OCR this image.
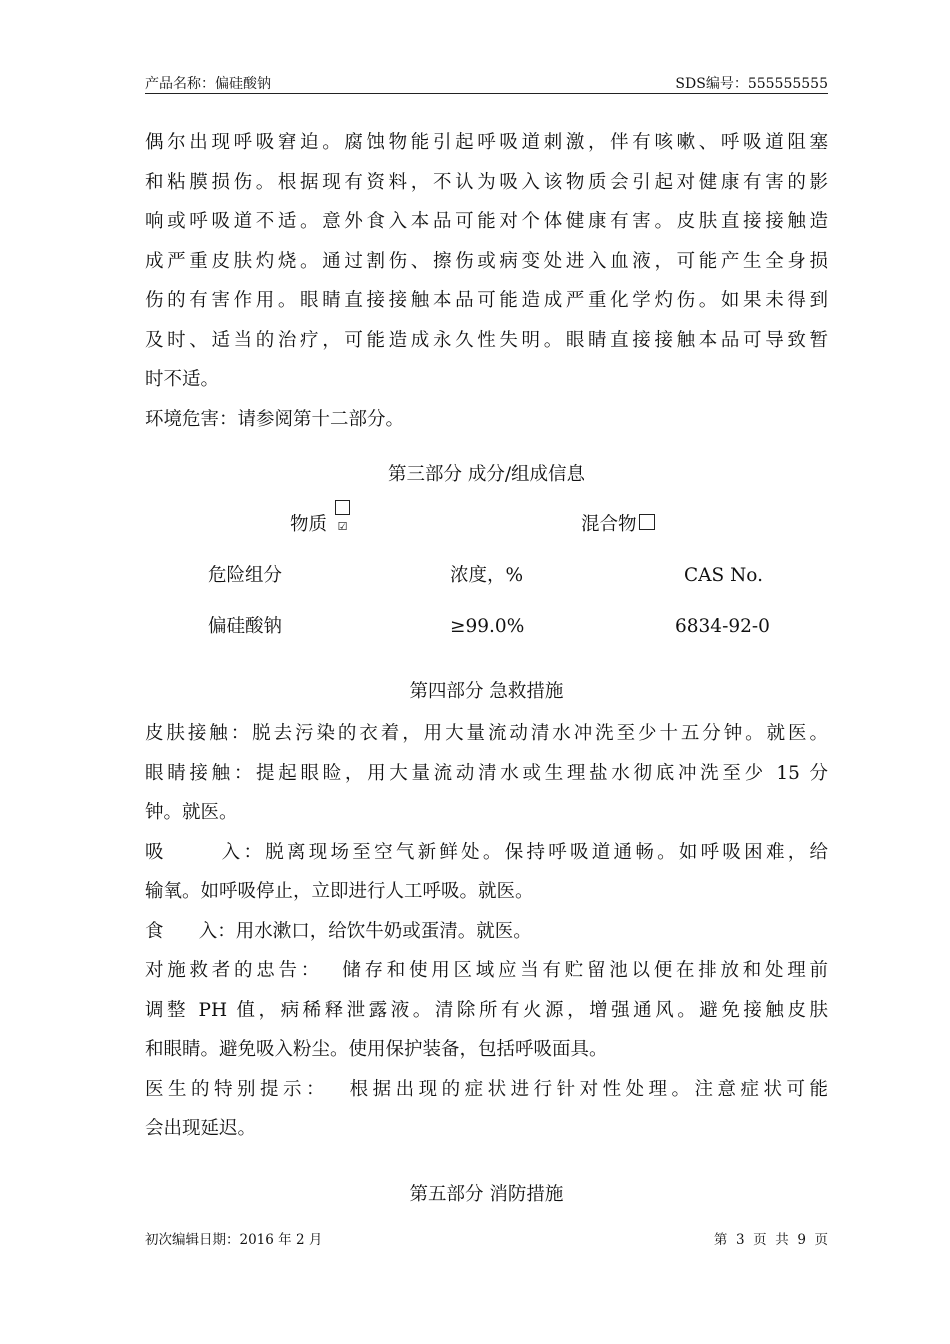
产品名称：偏硅酸钠	SDS编号：555555555
偶尔出现呼吸窘迫。腐蚀物能引起呼吸道刺激，伴有咳嗽、呼吸道阻塞
和粘膜损伤。根据现有资料，不认为吸入该物质会引起对健康有害的影
响或呼吸道不适。意外食入本品可能对个体健康有害。皮肤直接接触造
成严重皮肤灼烧。通过割伤、擦伤或病变处进入血液，可能产生全身损
伤的有害作用。眼睛直接接触本品可能造成严重化学灼伤。如果未得到
及时、适当的治疗，可能造成永久性失明。眼睛直接接触本品可导致暂
时不适。
环境危害：请参阅第十二部分。
第三部分 成分/组成信息
物质 ☑	混合物
危险组分	浓度，%	CAS No.
偏硅酸钠	≥99.0%	6834-92-0
第四部分 急救措施
皮肤接触：脱去污染的衣着，用大量流动清水冲洗至少十五分钟。就医。
眼睛接触：提起眼睑，用大量流动清水或生理盐水彻底冲洗至少 15 分
钟。就医。
吸      入：脱离现场至空气新鲜处。保持呼吸道通畅。如呼吸困难，给
输氧。如呼吸停止，立即进行人工呼吸。就医。
食      入：用水漱口，给饮牛奶或蛋清。就医。
对施救者的忠告：  储存和使用区域应当有贮留池以便在排放和处理前
调整 PH 值，病稀释泄露液。清除所有火源，增强通风。避免接触皮肤
和眼睛。避免吸入粉尘。使用保护装备，包括呼吸面具。
医生的特别提示：  根据出现的症状进行针对性处理。注意症状可能
会出现延迟。
第五部分 消防措施
初次编辑日期：2016 年 2 月	第  3  页  共  9  页
